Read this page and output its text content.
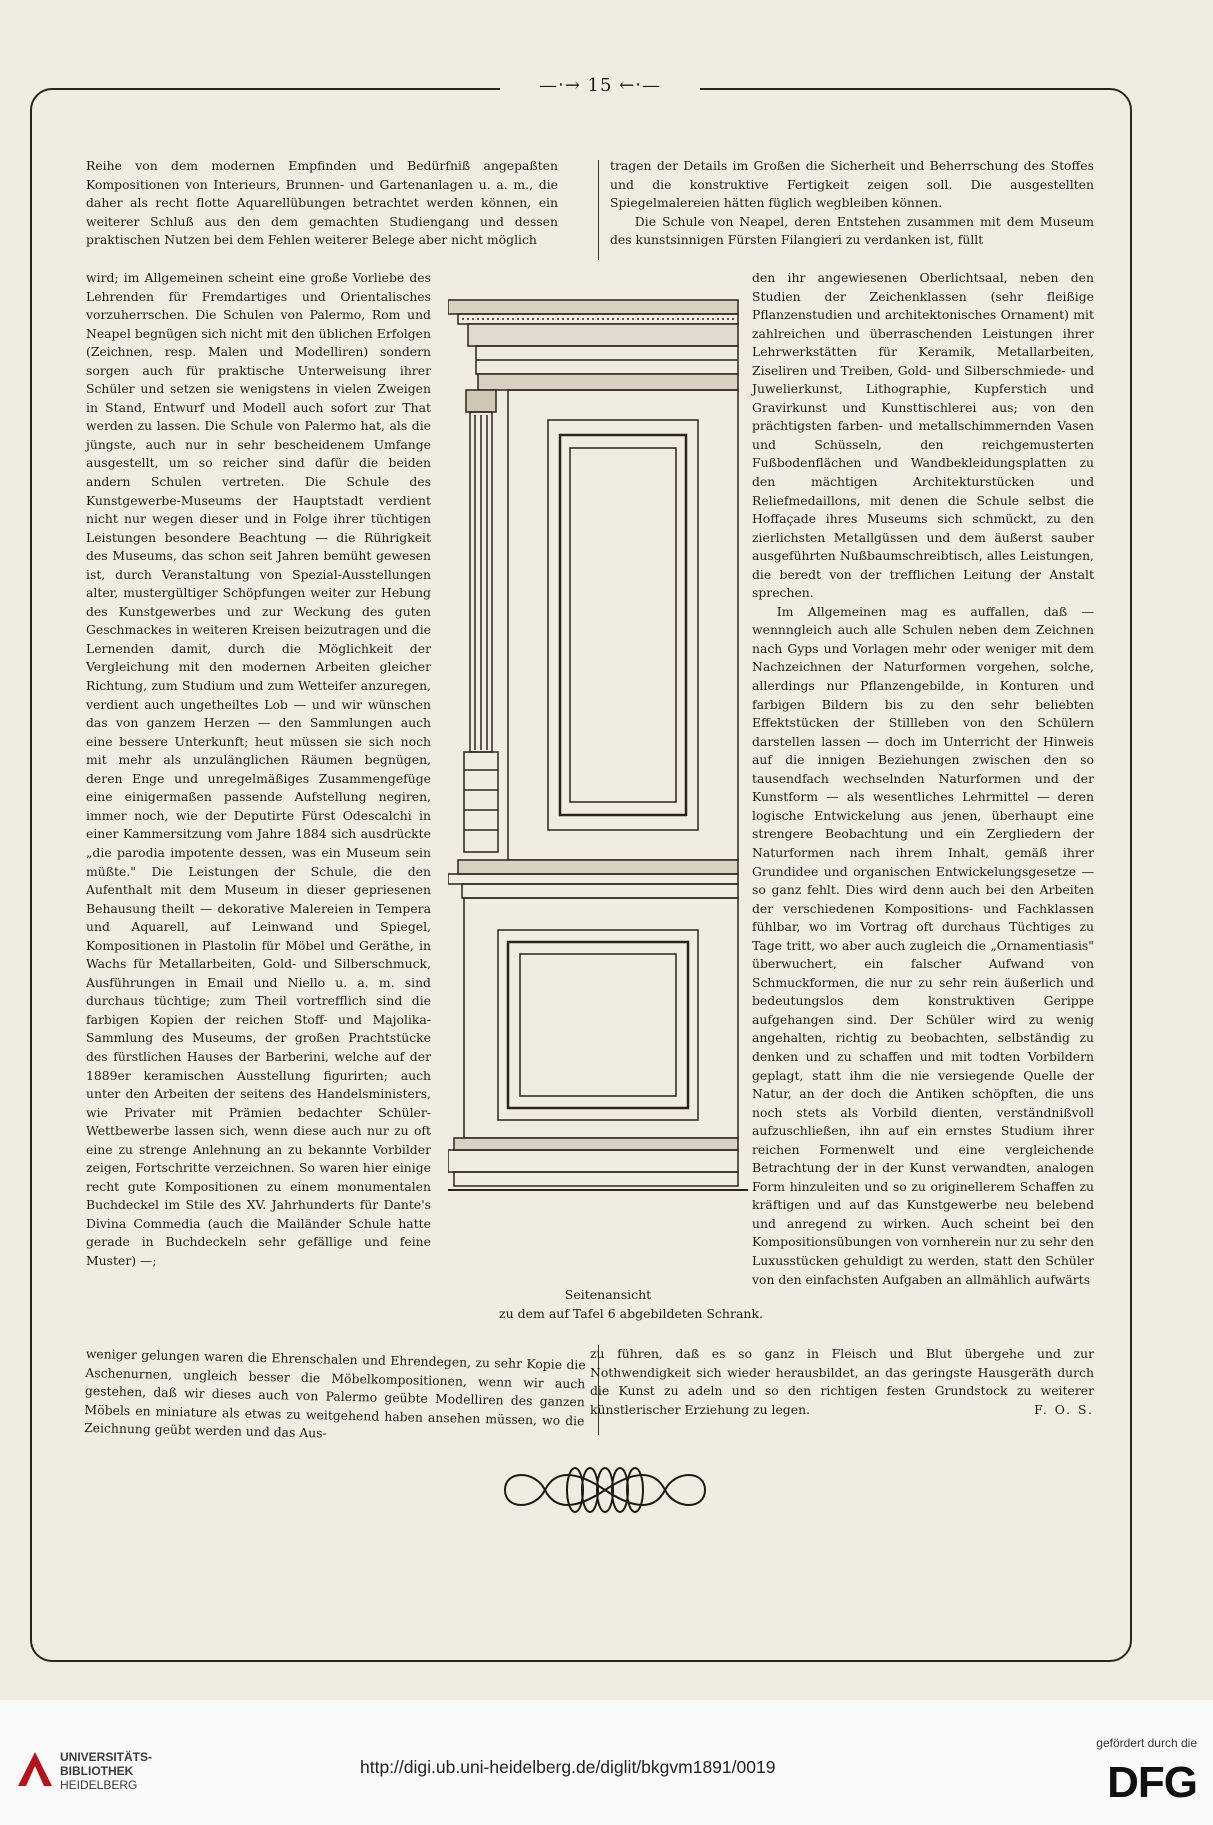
—‧→ 15 ←‧—

Reihe von dem modernen Empfinden und Bedürfniß angepaßten Kompositionen von Interieurs, Brunnen- und Gartenanlagen u. a. m., die daher als recht flotte Aquarellübungen betrachtet werden können, ein weiterer Schluß aus den dem gemachten Studiengang und dessen praktischen Nutzen bei dem Fehlen weiterer Belege aber nicht möglich

wird; im Allgemeinen scheint eine große Vorliebe des Lehrenden für Fremdartiges und Orientalisches vorzuherrschen. Die Schulen von Palermo, Rom und Neapel begnügen sich nicht mit den üblichen Erfolgen (Zeichnen, resp. Malen und Modelliren) sondern sorgen auch für praktische Unterweisung ihrer Schüler und setzen sie wenigstens in vielen Zweigen in Stand, Entwurf und Modell auch sofort zur That werden zu lassen. Die Schule von Palermo hat, als die jüngste, auch nur in sehr bescheidenem Umfange ausgestellt, um so reicher sind dafür die beiden andern Schulen vertreten. Die Schule des Kunstgewerbe-Museums der Hauptstadt verdient nicht nur wegen dieser und in Folge ihrer tüchtigen Leistungen besondere Beachtung — die Rührigkeit des Museums, das schon seit Jahren bemüht gewesen ist, durch Veranstaltung von Spezial-Ausstellungen alter, mustergültiger Schöpfungen weiter zur Hebung des Kunstgewerbes und zur Weckung des guten Geschmackes in weiteren Kreisen beizutragen und die Lernenden damit, durch die Möglichkeit der Vergleichung mit den modernen Arbeiten gleicher Richtung, zum Studium und zum Wetteifer anzuregen, verdient auch ungetheiltes Lob — und wir wünschen das von ganzem Herzen — den Sammlungen auch eine bessere Unterkunft; heut müssen sie sich noch mit mehr als unzulänglichen Räumen begnügen, deren Enge und unregelmäßiges Zusammengefüge eine einigermaßen passende Aufstellung negiren, immer noch, wie der Deputirte Fürst Odescalchi in einer Kammersitzung vom Jahre 1884 sich ausdrückte „die parodia impotente dessen, was ein Museum sein müßte." Die Leistungen der Schule, die den Aufenthalt mit dem Museum in dieser gepriesenen Behausung theilt — dekorative Malereien in Tempera und Aquarell, auf Leinwand und Spiegel, Kompositionen in Plastolin für Möbel und Geräthe, in Wachs für Metallarbeiten, Gold- und Silberschmuck, Ausführungen in Email und Niello u. a. m. sind durchaus tüchtige; zum Theil vortrefflich sind die farbigen Kopien der reichen Stoff- und Majolika-Sammlung des Museums, der großen Prachtstücke des fürstlichen Hauses der Barberini, welche auf der 1889er keramischen Ausstellung figurirten; auch unter den Arbeiten der seitens des Handelsministers, wie Privater mit Prämien bedachter Schüler-Wettbewerbe lassen sich, wenn diese auch nur zu oft eine zu strenge Anlehnung an zu bekannte Vorbilder zeigen, Fortschritte verzeichnen. So waren hier einige recht gute Kompositionen zu einem monumentalen Buchdeckel im Stile des XV. Jahrhunderts für Dante's Divina Commedia (auch die Mailänder Schule hatte gerade in Buchdeckeln sehr gefällige und feine Muster) —;

weniger gelungen waren die Ehrenschalen und Ehrendegen, zu sehr Kopie die Aschenurnen, ungleich besser die Möbelkompositionen, wenn wir auch gestehen, daß wir dieses auch von Palermo geübte Modelliren des ganzen Möbels en miniature als etwas zu weitgehend haben ansehen müssen, wo die Zeichnung geübt werden und das Aus-

tragen der Details im Großen die Sicherheit und Beherrschung des Stoffes und die konstruktive Fertigkeit zeigen soll. Die ausgestellten Spiegelmalereien hätten füglich wegbleiben können.

Die Schule von Neapel, deren Entstehen zusammen mit dem Museum des kunstsinnigen Fürsten Filangieri zu verdanken ist, füllt

den ihr angewiesenen Oberlichtsaal, neben den Studien der Zeichenklassen (sehr fleißige Pflanzenstudien und architektonisches Ornament) mit zahlreichen und überraschenden Leistungen ihrer Lehrwerkstätten für Keramik, Metallarbeiten, Ziseliren und Treiben, Gold- und Silberschmiede- und Juwelierkunst, Lithographie, Kupferstich und Gravirkunst und Kunsttischlerei aus; von den prächtigsten farben- und metallschimmernden Vasen und Schüsseln, den reichgemusterten Fußbodenflächen und Wandbekleidungsplatten zu den mächtigen Architekturstücken und Reliefmedaillons, mit denen die Schule selbst die Hoffaçade ihres Museums sich schmückt, zu den zierlichsten Metallgüssen und dem äußerst sauber ausgeführten Nußbaumschreibtisch, alles Leistungen, die beredt von der trefflichen Leitung der Anstalt sprechen.

Im Allgemeinen mag es auffallen, daß — wennngleich auch alle Schulen neben dem Zeichnen nach Gyps und Vorlagen mehr oder weniger mit dem Nachzeichnen der Naturformen vorgehen, solche, allerdings nur Pflanzengebilde, in Konturen und farbigen Bildern bis zu den sehr beliebten Effektstücken der Stillleben von den Schülern darstellen lassen — doch im Unterricht der Hinweis auf die innigen Beziehungen zwischen den so tausendfach wechselnden Naturformen und der Kunstform — als wesentliches Lehrmittel — deren logische Entwickelung aus jenen, überhaupt eine strengere Beobachtung und ein Zergliedern der Naturformen nach ihrem Inhalt, gemäß ihrer Grundidee und organischen Entwickelungsgesetze — so ganz fehlt. Dies wird denn auch bei den Arbeiten der verschiedenen Kompositions- und Fachklassen fühlbar, wo im Vortrag oft durchaus Tüchtiges zu Tage tritt, wo aber auch zugleich die „Ornamentiasis" überwuchert, ein falscher Aufwand von Schmuckformen, die nur zu sehr rein äußerlich und bedeutungslos dem konstruktiven Gerippe aufgehangen sind. Der Schüler wird zu wenig angehalten, richtig zu beobachten, selbständig zu denken und zu schaffen und mit todten Vorbildern geplagt, statt ihm die nie versiegende Quelle der Natur, an der doch die Antiken schöpften, die uns noch stets als Vorbild dienten, verständnißvoll aufzuschließen, ihn auf ein ernstes Studium ihrer reichen Formenwelt und eine vergleichende Betrachtung der in der Kunst verwandten, analogen Form hinzuleiten und so zu originellerem Schaffen zu kräftigen und auf das Kunstgewerbe neu belebend und anregend zu wirken. Auch scheint bei den Kompositionsübungen von vornherein nur zu sehr den Luxusstücken gehuldigt zu werden, statt den Schüler von den einfachsten Aufgaben an allmählich aufwärts

zu führen, daß es so ganz in Fleisch und Blut übergehe und zur Nothwendigkeit sich wieder herausbildet, an das geringste Hausgeräth durch die Kunst zu adeln und so den richtigen festen Grundstock zu weiterer künstlerischer Erziehung zu legen.	F. O. S.

Seitenansicht
zu dem auf Tafel 6 abgebildeten Schrank.
UNIVERSITÄTS-
BIBLIOTHEK
HEIDELBERG
http://digi.ub.uni-heidelberg.de/diglit/bkgvm1891/0019
gefördert durch die
DFG
